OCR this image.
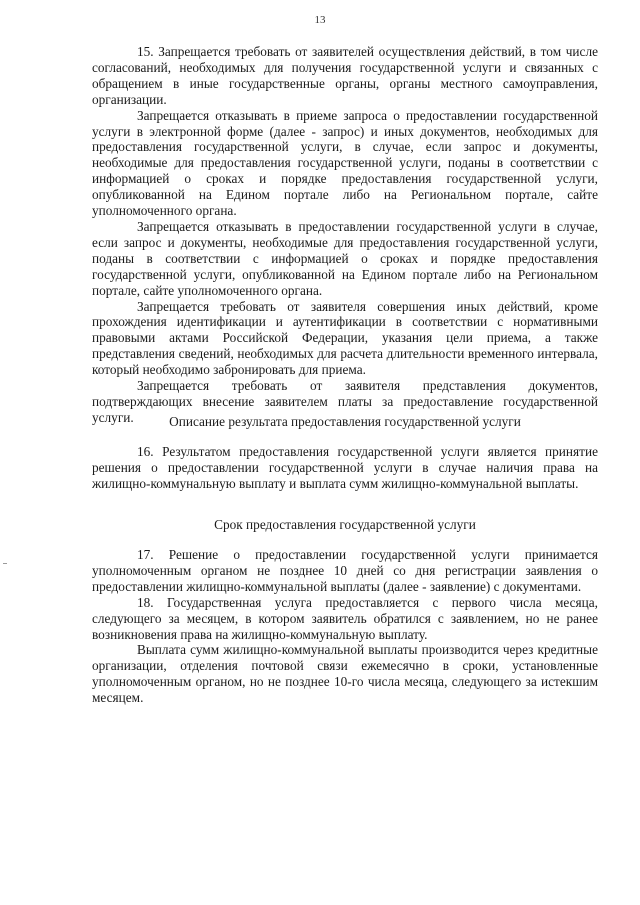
13

15. Запрещается требовать от заявителей осуществления действий, в том числе согласований, необходимых для получения государственной услуги и связанных с обращением в иные государственные органы, органы местного самоуправления, организации.

Запрещается отказывать в приеме запроса о предоставлении государственной услуги в электронной форме (далее - запрос) и иных документов, необходимых для предоставления государственной услуги, в случае, если запрос и документы, необходимые для предоставления государственной услуги, поданы в соответствии с информацией о сроках и порядке предоставления государственной услуги, опубликованной на Едином портале либо на Региональном портале, сайте уполномоченного органа.

Запрещается отказывать в предоставлении государственной услуги в случае, если запрос и документы, необходимые для предоставления государственной услуги, поданы в соответствии с информацией о сроках и порядке предоставления государственной услуги, опубликованной на Едином портале либо на Региональном портале, сайте уполномоченного органа.

Запрещается требовать от заявителя совершения иных действий, кроме прохождения идентификации и аутентификации в соответствии с нормативными правовыми актами Российской Федерации, указания цели приема, а также представления сведений, необходимых для расчета длительности временного интервала, который необходимо забронировать для приема.

Запрещается требовать от заявителя представления документов, подтверждающих внесение заявителем платы за предоставление государственной услуги.	Описание результата предоставления государственной услуги

16. Результатом предоставления государственной услуги является принятие решения о предоставлении государственной услуги в случае наличия права на жилищно-коммунальную выплату и выплата сумм жилищно-коммунальной выплаты.

Срок предоставления государственной услуги

17. Решение о предоставлении государственной услуги принимается уполномоченным органом не позднее 10 дней со дня регистрации заявления о предоставлении жилищно-коммунальной выплаты (далее - заявление) с документами.

18. Государственная услуга предоставляется с первого числа месяца, следующего за месяцем, в котором заявитель обратился с заявлением, но не ранее возникновения права на жилищно-коммунальную выплату.

Выплата сумм жилищно-коммунальной выплаты производится через кредитные организации, отделения почтовой связи ежемесячно в сроки, установленные уполномоченным органом, но не позднее 10-го числа месяца, следующего за истекшим месяцем.
